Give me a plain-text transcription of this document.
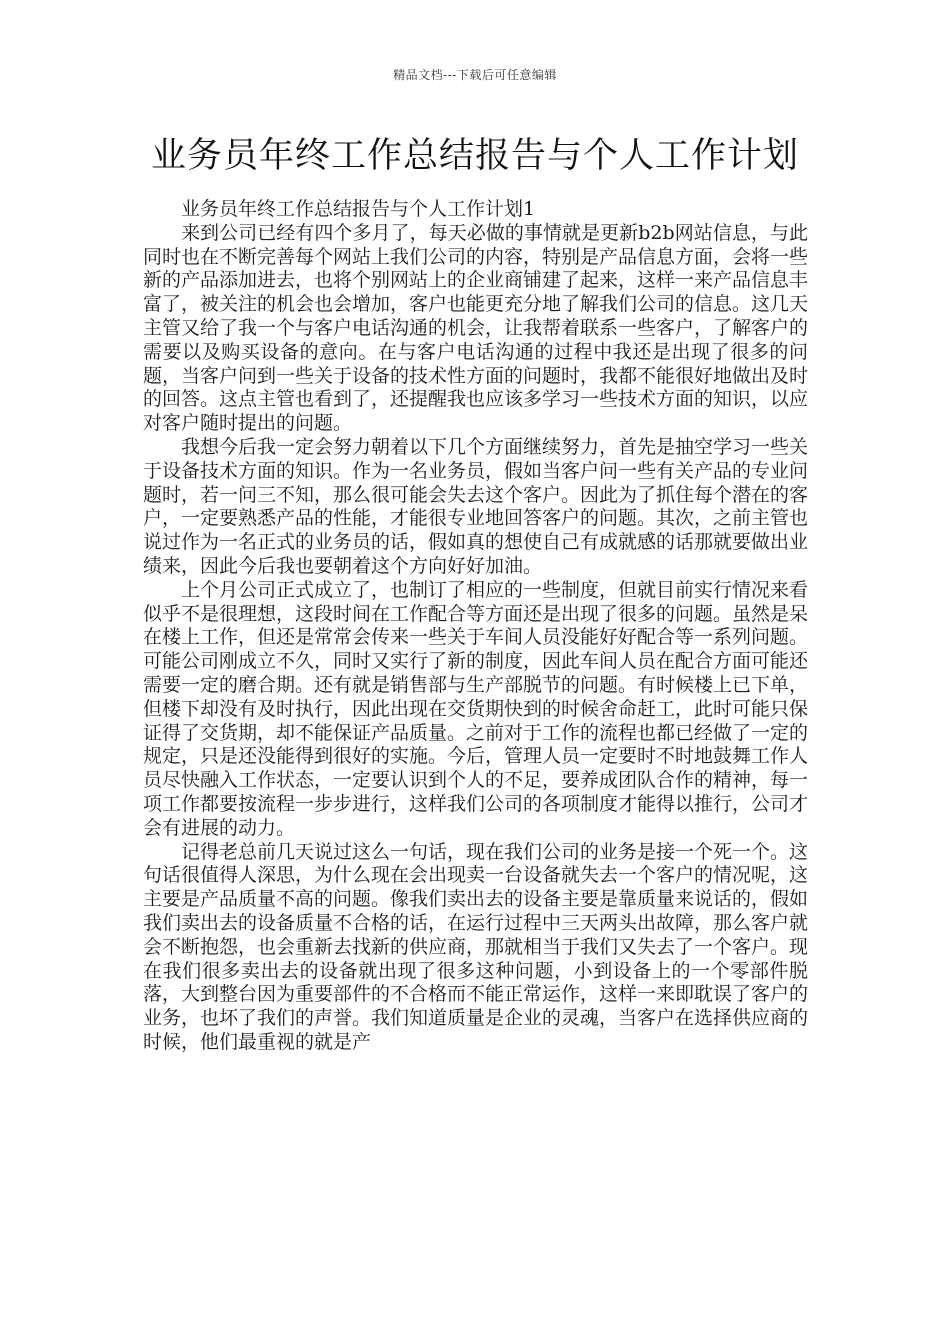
精品文档---下载后可任意编辑
业务员年终工作总结报告与个人工作计划

业务员年终工作总结报告与个人工作计划1

来到公司已经有四个多月了，每天必做的事情就是更新b2b网站信息，与此同时也在不断完善每个网站上我们公司的内容，特别是产品信息方面，会将一些新的产品添加进去，也将个别网站上的企业商铺建了起来，这样一来产品信息丰富了，被关注的机会也会增加，客户也能更充分地了解我们公司的信息。这几天主管又给了我一个与客户电话沟通的机会，让我帮着联系一些客户，了解客户的需要以及购买设备的意向。在与客户电话沟通的过程中我还是出现了很多的问题，当客户问到一些关于设备的技术性方面的问题时，我都不能很好地做出及时的回答。这点主管也看到了，还提醒我也应该多学习一些技术方面的知识，以应对客户随时提出的问题。

我想今后我一定会努力朝着以下几个方面继续努力，首先是抽空学习一些关于设备技术方面的知识。作为一名业务员，假如当客户问一些有关产品的专业问题时，若一问三不知，那么很可能会失去这个客户。因此为了抓住每个潜在的客户，一定要熟悉产品的性能，才能很专业地回答客户的问题。其次，之前主管也说过作为一名正式的业务员的话，假如真的想使自己有成就感的话那就要做出业绩来，因此今后我也要朝着这个方向好好加油。

上个月公司正式成立了，也制订了相应的一些制度，但就目前实行情况来看似乎不是很理想，这段时间在工作配合等方面还是出现了很多的问题。虽然是呆在楼上工作，但还是常常会传来一些关于车间人员没能好好配合等一系列问题。可能公司刚成立不久，同时又实行了新的制度，因此车间人员在配合方面可能还需要一定的磨合期。还有就是销售部与生产部脱节的问题。有时候楼上已下单，但楼下却没有及时执行，因此出现在交货期快到的时候舍命赶工，此时可能只保证得了交货期，却不能保证产品质量。之前对于工作的流程也都已经做了一定的规定，只是还没能得到很好的实施。今后，管理人员一定要时不时地鼓舞工作人员尽快融入工作状态，一定要认识到个人的不足，要养成团队合作的精神，每一项工作都要按流程一步步进行，这样我们公司的各项制度才能得以推行，公司才会有进展的动力。

记得老总前几天说过这么一句话，现在我们公司的业务是接一个死一个。这句话很值得人深思，为什么现在会出现卖一台设备就失去一个客户的情况呢，这主要是产品质量不高的问题。像我们卖出去的设备主要是靠质量来说话的，假如我们卖出去的设备质量不合格的话，在运行过程中三天两头出故障，那么客户就会不断抱怨，也会重新去找新的供应商，那就相当于我们又失去了一个客户。现在我们很多卖出去的设备就出现了很多这种问题，小到设备上的一个零部件脱落，大到整台因为重要部件的不合格而不能正常运作，这样一来即耽误了客户的业务，也坏了我们的声誉。我们知道质量是企业的灵魂，当客户在选择供应商的时候，他们最重视的就是产
